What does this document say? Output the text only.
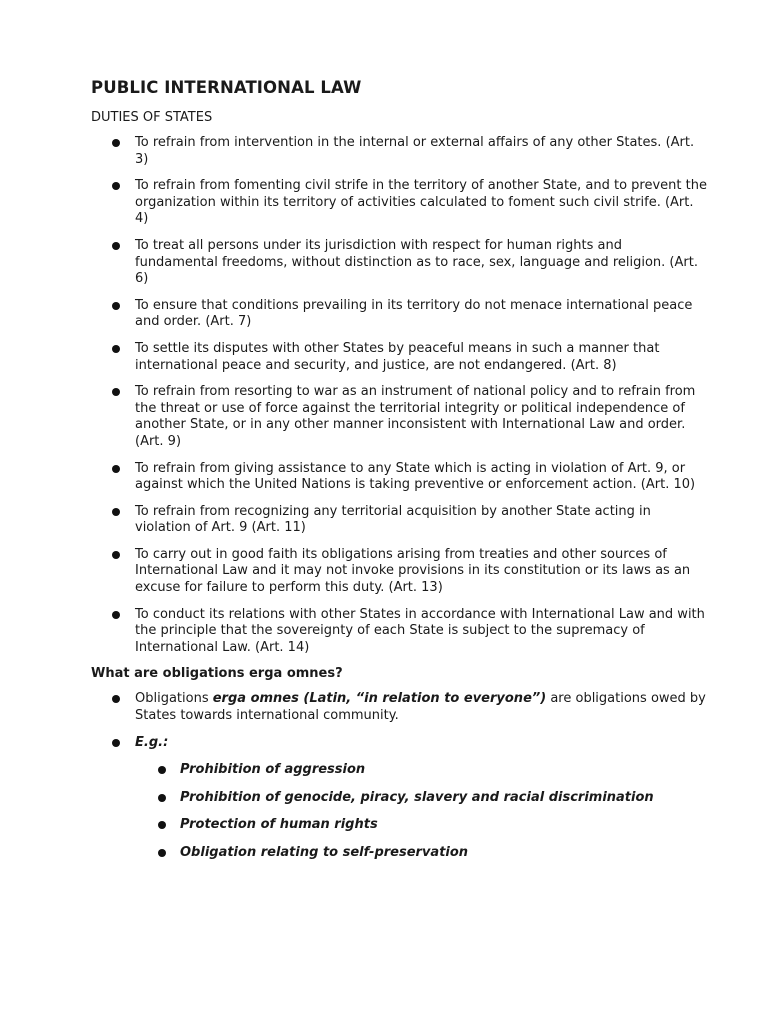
PUBLIC INTERNATIONAL LAW
DUTIES OF STATES
To refrain from intervention in the internal or external affairs of any other States. (Art. 3)
To refrain from fomenting civil strife in the territory of another State, and to prevent the organization within its territory of activities calculated to foment such civil strife. (Art. 4)
To treat all persons under its jurisdiction with respect for human rights and fundamental freedoms, without distinction as to race, sex, language and religion. (Art. 6)
To ensure that conditions prevailing in its territory do not menace international peace and order. (Art. 7)
To settle its disputes with other States by peaceful means in such a manner that international peace and security, and justice, are not endangered. (Art. 8)
To refrain from resorting to war as an instrument of national policy and to refrain from the threat or use of force against the territorial integrity or political independence of another State, or in any other manner inconsistent with International Law and order. (Art. 9)
To refrain from giving assistance to any State which is acting in violation of Art. 9, or against which the United Nations is taking preventive or enforcement action. (Art. 10)
To refrain from recognizing any territorial acquisition by another State acting in violation of Art. 9 (Art. 11)
To carry out in good faith its obligations arising from treaties and other sources of International Law and it may not invoke provisions in its constitution or its laws as an excuse for failure to perform this duty. (Art. 13)
To conduct its relations with other States in accordance with International Law and with the principle that the sovereignty of each State is subject to the supremacy of International Law. (Art. 14)
What are obligations erga omnes?
Obligations erga omnes (Latin, “in relation to everyone”) are obligations owed by States towards international community.
E.g.:
Prohibition of aggression
Prohibition of genocide, piracy, slavery and racial discrimination
Protection of human rights
Obligation relating to self-preservation
